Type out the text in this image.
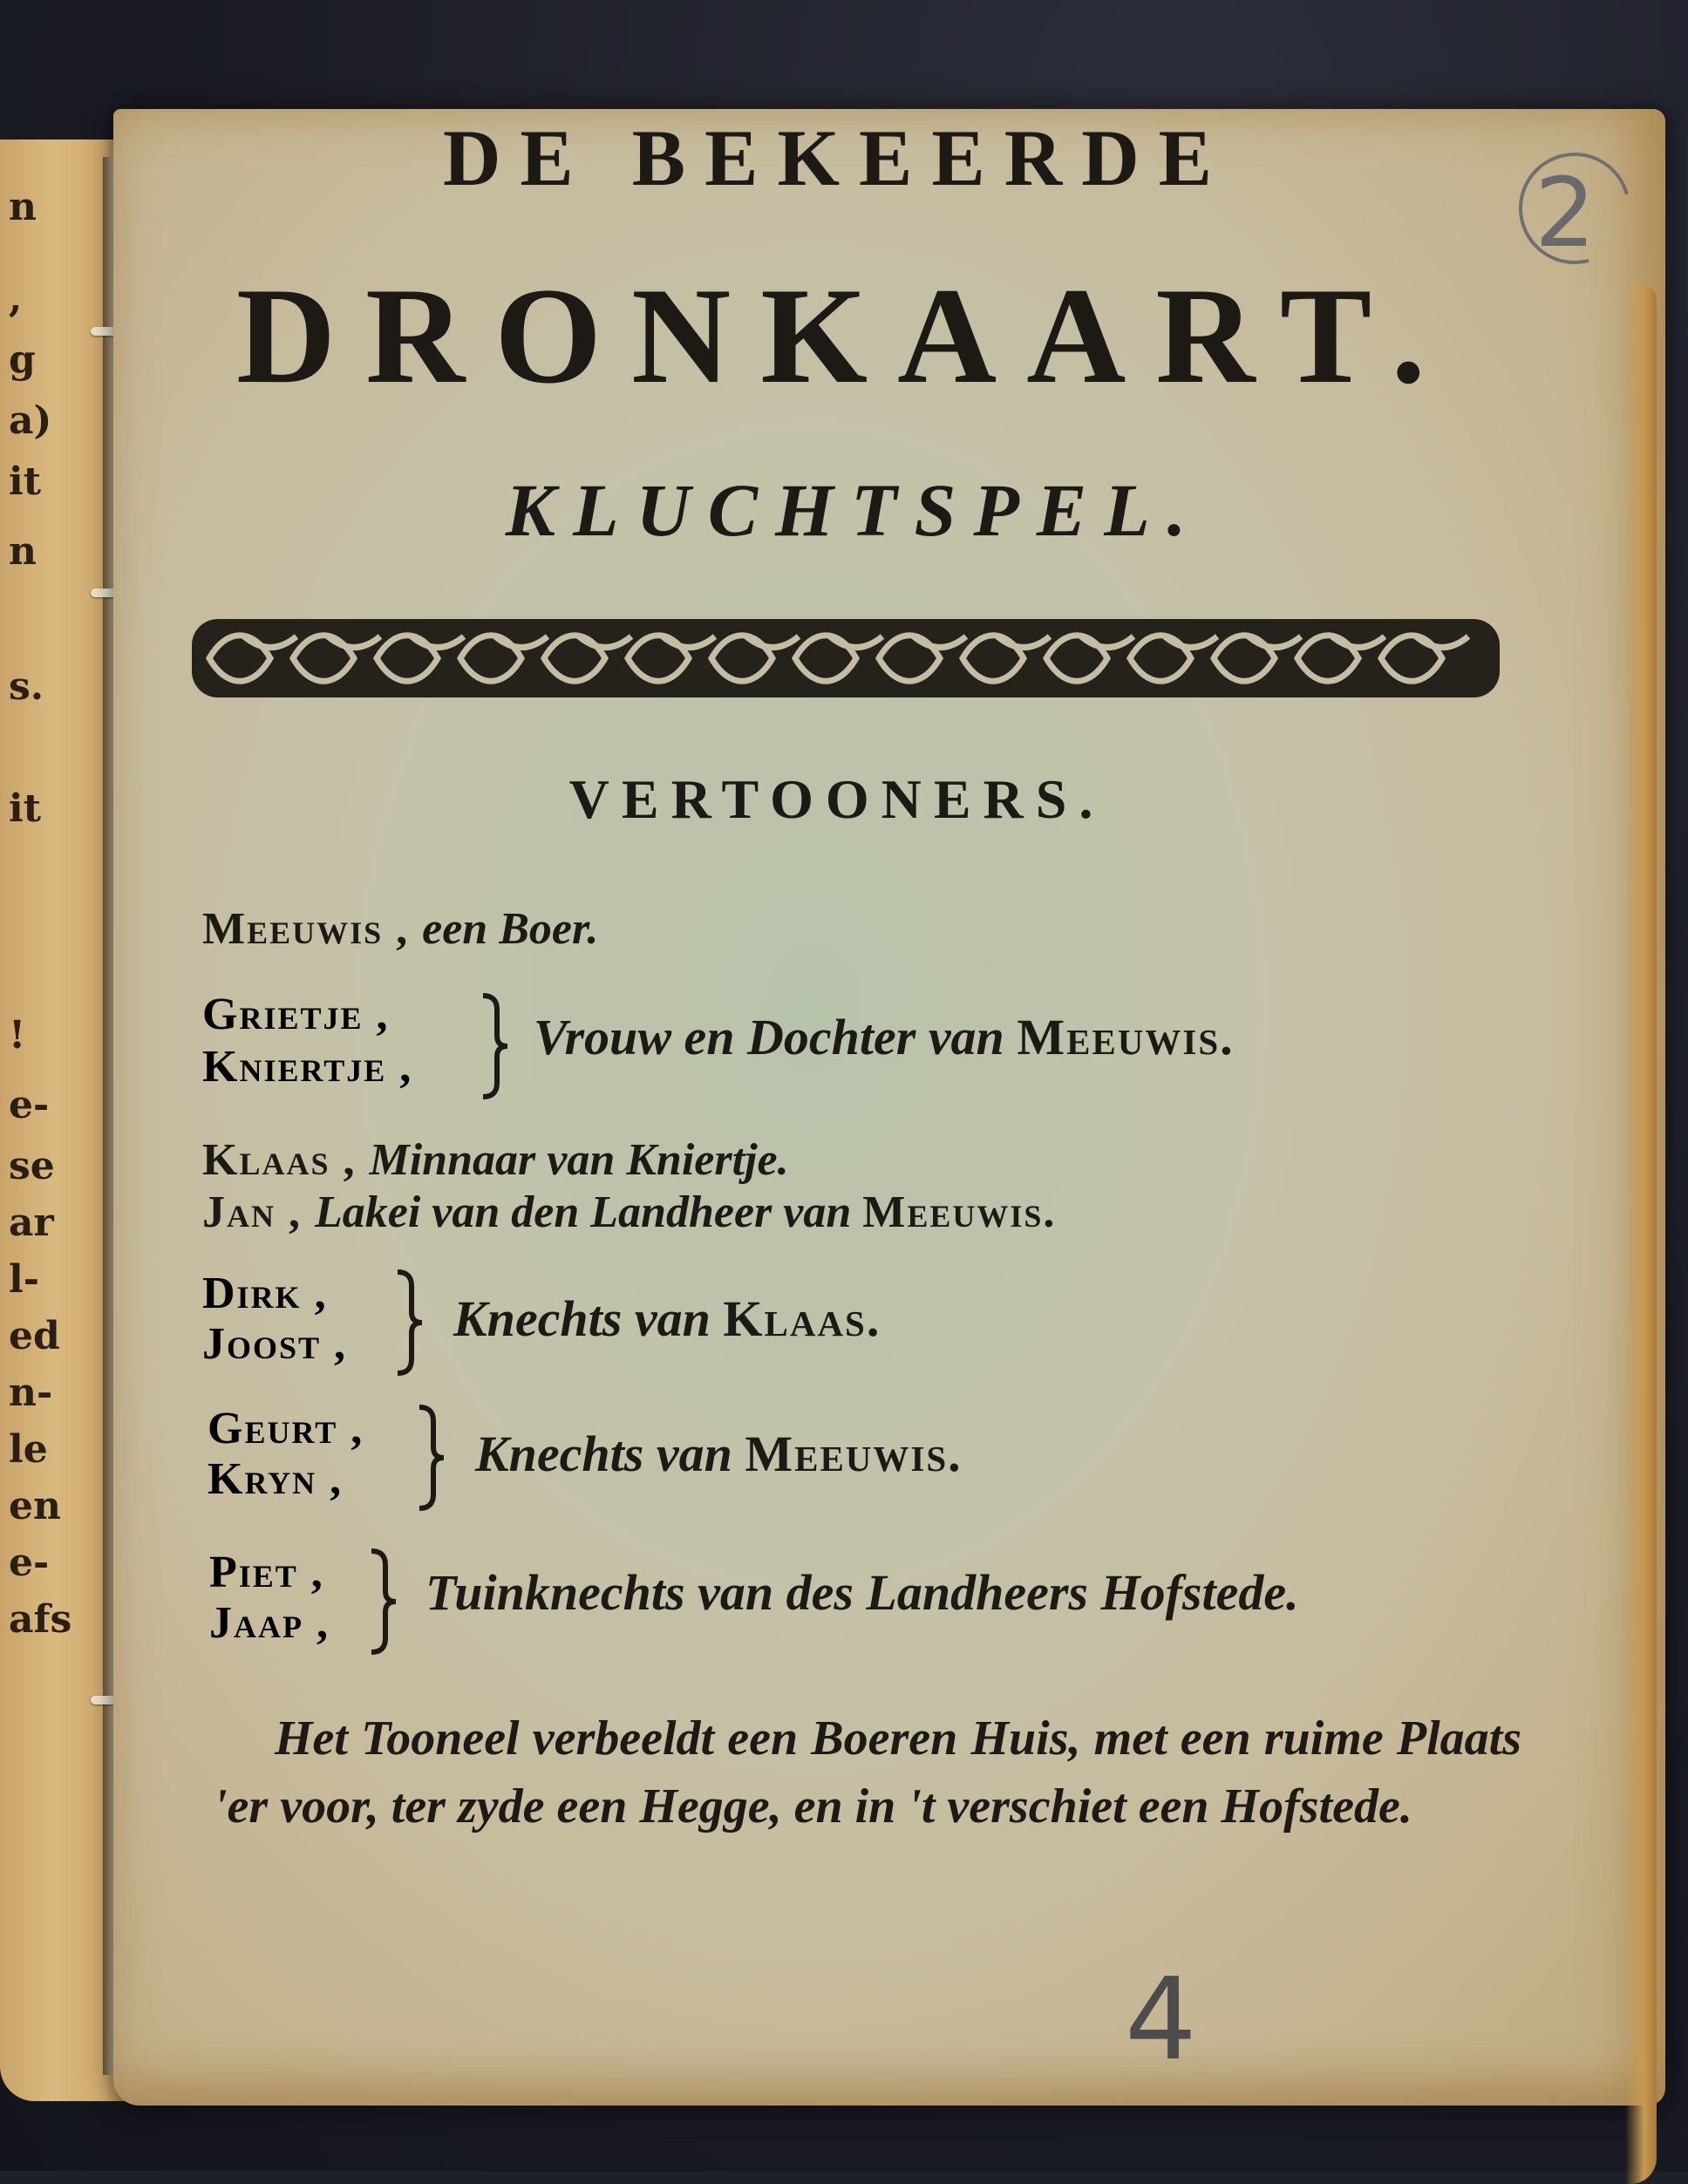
n
,
g
a)
it
n
s.
it
!
e-
se
ar
l-
ed
n-
le
en
e-
afs
2
DE BEKEERDE
DRONKAART.
KLUCHTSPEL.
VERTOONERS.
Meeuwis , een Boer.
Grietje ,
Kniertje ,
Vrouw en Dochter van Meeuwis.
Klaas , Minnaar van Kniertje.
Jan , Lakei van den Landheer van Meeuwis.
Dirk ,
Joost , Knechts van Klaas.
Geurt ,
Kryn ,	Knechts van Meeuwis.
Piet ,
Jaap ,
Tuinknechts van des Landheers Hofstede.
Het Tooneel verbeeldt een Boeren Huis, met een ruime Plaats 'er voor, ter zyde een Hegge, en in 't verschiet een Hofstede.
4
